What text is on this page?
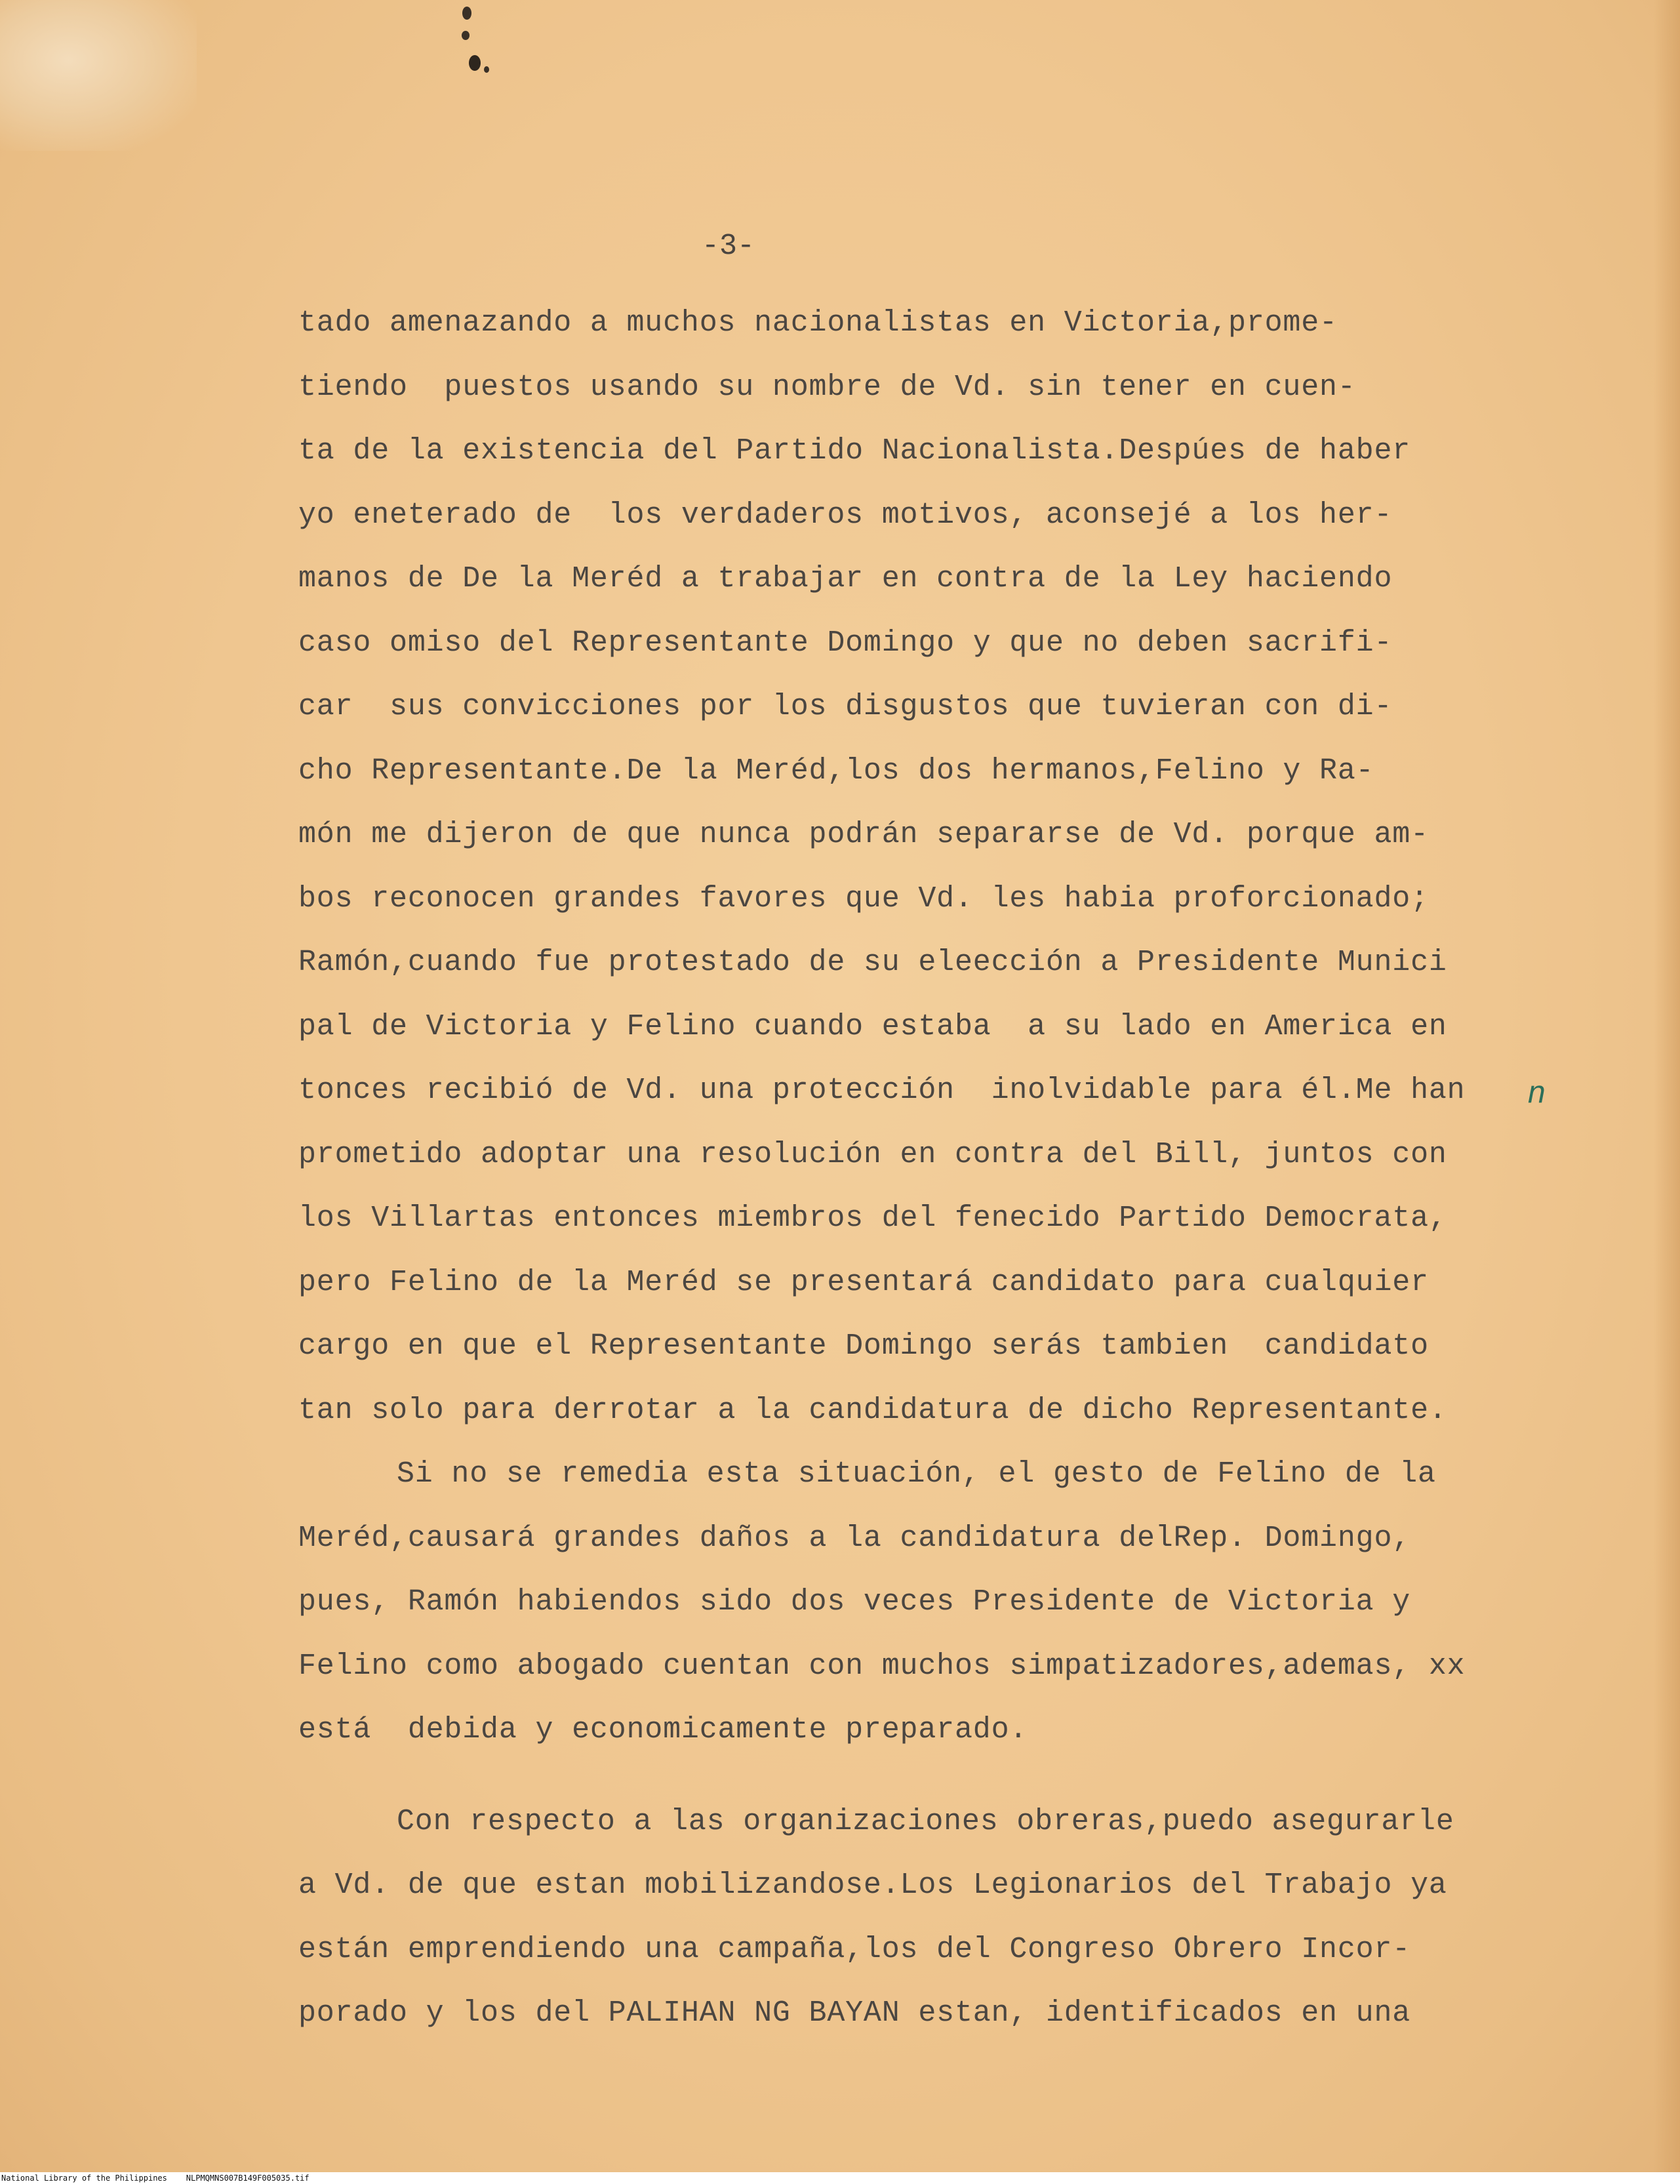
-3-
tado amenazando a muchos nacionalistas en Victoria,prome-
tiendo  puestos usando su nombre de Vd. sin tener en cuen-
ta de la existencia del Partido Nacionalista.Despúes de haber
yo eneterado de  los verdaderos motivos, aconsejé a los her-
manos de De la Meréd a trabajar en contra de la Ley haciendo
caso omiso del Representante Domingo y que no deben sacrifi-
car  sus convicciones por los disgustos que tuvieran con di-
cho Representante.De la Meréd,los dos hermanos,Felino y Ra-
món me dijeron de que nunca podrán separarse de Vd. porque am-
bos reconocen grandes favores que Vd. les habia proforcionado;
Ramón,cuando fue protestado de su eleección a Presidente Munici
pal de Victoria y Felino cuando estaba  a su lado en America en
tonces recibió de Vd. una protección  inolvidable para él.Me han
prometido adoptar una resolución en contra del Bill, juntos con
los Villartas entonces miembros del fenecido Partido Democrata,
pero Felino de la Meréd se presentará candidato para cualquier
cargo en que el Representante Domingo serás tambien  candidato
tan solo para derrotar a la candidatura de dicho Representante.
Si no se remedia esta situación, el gesto de Felino de la
Meréd,causará grandes daños a la candidatura delRep. Domingo,
pues, Ramón habiendos sido dos veces Presidente de Victoria y
Felino como abogado cuentan con muchos simpatizadores,ademas, xx
está  debida y economicamente preparado.
Con respecto a las organizaciones obreras,puedo asegurarle
a Vd. de que estan mobilizandose.Los Legionarios del Trabajo ya
están emprendiendo una campaña,los del Congreso Obrero Incor-
porado y los del PALIHAN NG BAYAN estan, identificados en una
n
National Library of the Philippines NLPMQMNS007B149F005035.tif
